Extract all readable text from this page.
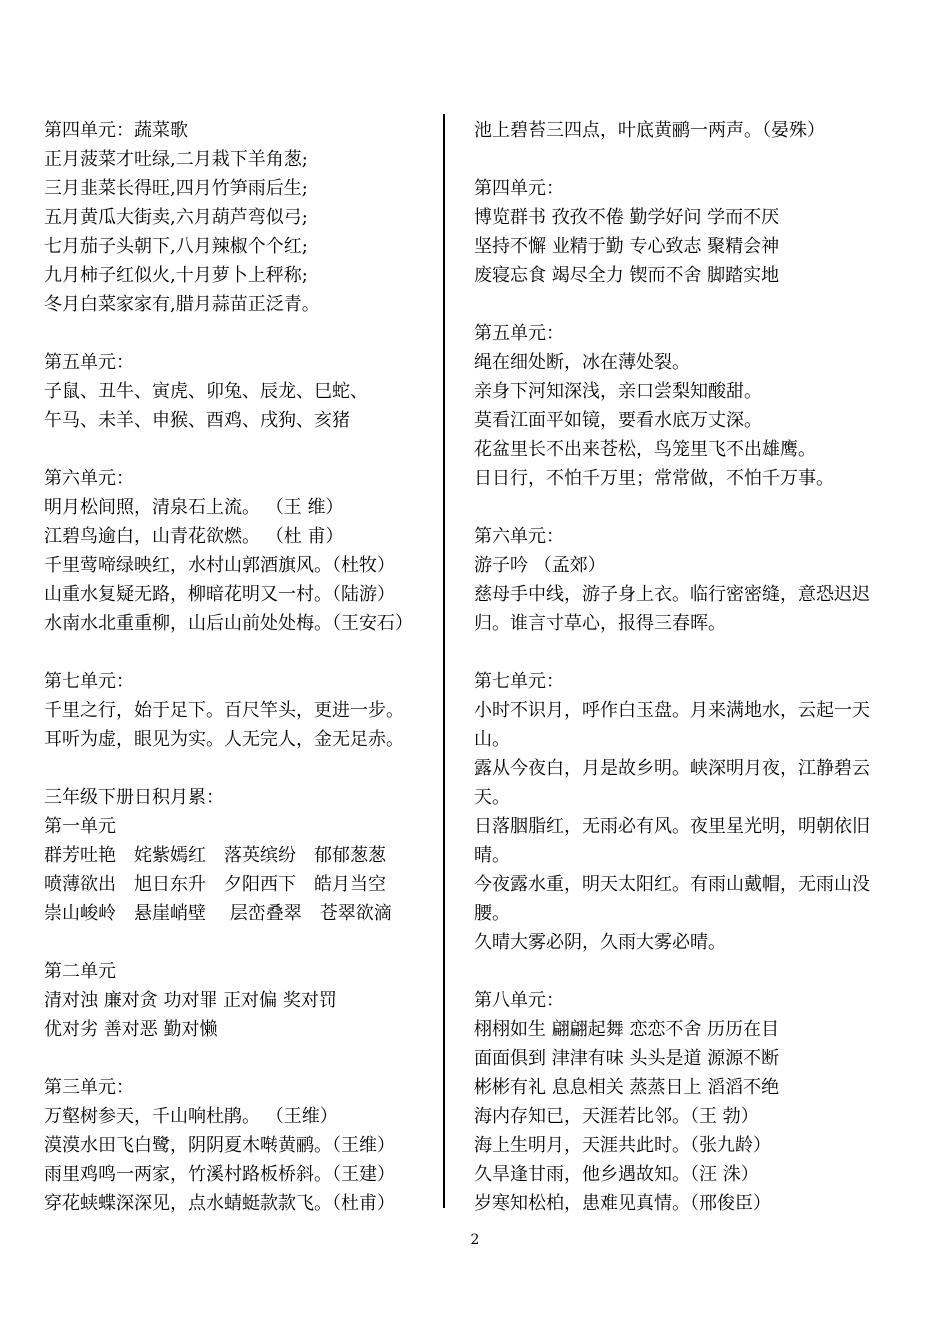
第四单元：蔬菜歌
正月菠菜才吐绿,二月栽下羊角葱;
三月韭菜长得旺,四月竹笋雨后生;
五月黄瓜大街卖,六月葫芦弯似弓;
七月茄子头朝下,八月辣椒个个红;
九月柿子红似火,十月萝卜上秤称;
冬月白菜家家有,腊月蒜苗正泛青。
第五单元：
子鼠、丑牛、寅虎、卯兔、辰龙、巳蛇、
午马、未羊、申猴、酉鸡、戌狗、亥猪
第六单元：
明月松间照，清泉石上流。 （王 维）
江碧鸟逾白，山青花欲燃。 （杜 甫）
千里莺啼绿映红，水村山郭酒旗风。（杜牧）
山重水复疑无路，柳暗花明又一村。（陆游）
水南水北重重柳，山后山前处处梅。（王安石）
第七单元：
千里之行，始于足下。百尺竿头，更进一步。
耳听为虚，眼见为实。人无完人，金无足赤。
三年级下册日积月累：
第一单元
群芳吐艳　姹紫嫣红　落英缤纷　郁郁葱葱
喷薄欲出　旭日东升　夕阳西下　皓月当空
崇山峻岭　悬崖峭壁　 层峦叠翠　苍翠欲滴
第二单元
清对浊 廉对贪 功对罪 正对偏 奖对罚
优对劣 善对恶 勤对懒
第三单元：
万壑树参天，千山响杜鹃。 （王维）
漠漠水田飞白鹭，阴阴夏木啭黄鹂。（王维）
雨里鸡鸣一两家，竹溪村路板桥斜。（王建）
穿花蛱蝶深深见，点水蜻蜓款款飞。（杜甫）
池上碧苔三四点，叶底黄鹂一两声。（晏殊）
第四单元：
博览群书 孜孜不倦 勤学好问 学而不厌
坚持不懈 业精于勤 专心致志 聚精会神
废寝忘食 竭尽全力 锲而不舍 脚踏实地
第五单元：
绳在细处断，冰在薄处裂。
亲身下河知深浅，亲口尝梨知酸甜。
莫看江面平如镜，要看水底万丈深。
花盆里长不出来苍松，鸟笼里飞不出雄鹰。
日日行，不怕千万里；常常做，不怕千万事。
第六单元：
游子吟 （孟郊）
慈母手中线，游子身上衣。临行密密缝，意恐迟迟
归。谁言寸草心，报得三春晖。
第七单元：
小时不识月，呼作白玉盘。月来满地水，云起一天
山。
露从今夜白，月是故乡明。峡深明月夜，江静碧云
天。
日落胭脂红，无雨必有风。夜里星光明，明朝依旧
晴。
今夜露水重，明天太阳红。有雨山戴帽，无雨山没
腰。
久晴大雾必阴，久雨大雾必晴。
第八单元：
栩栩如生 翩翩起舞 恋恋不舍 历历在目
面面俱到 津津有味 头头是道 源源不断
彬彬有礼 息息相关 蒸蒸日上 滔滔不绝
海内存知已，天涯若比邻。（王 勃）
海上生明月，天涯共此时。（张九龄）
久旱逢甘雨，他乡遇故知。（汪 洙）
岁寒知松柏，患难见真情。（邢俊臣）
2
